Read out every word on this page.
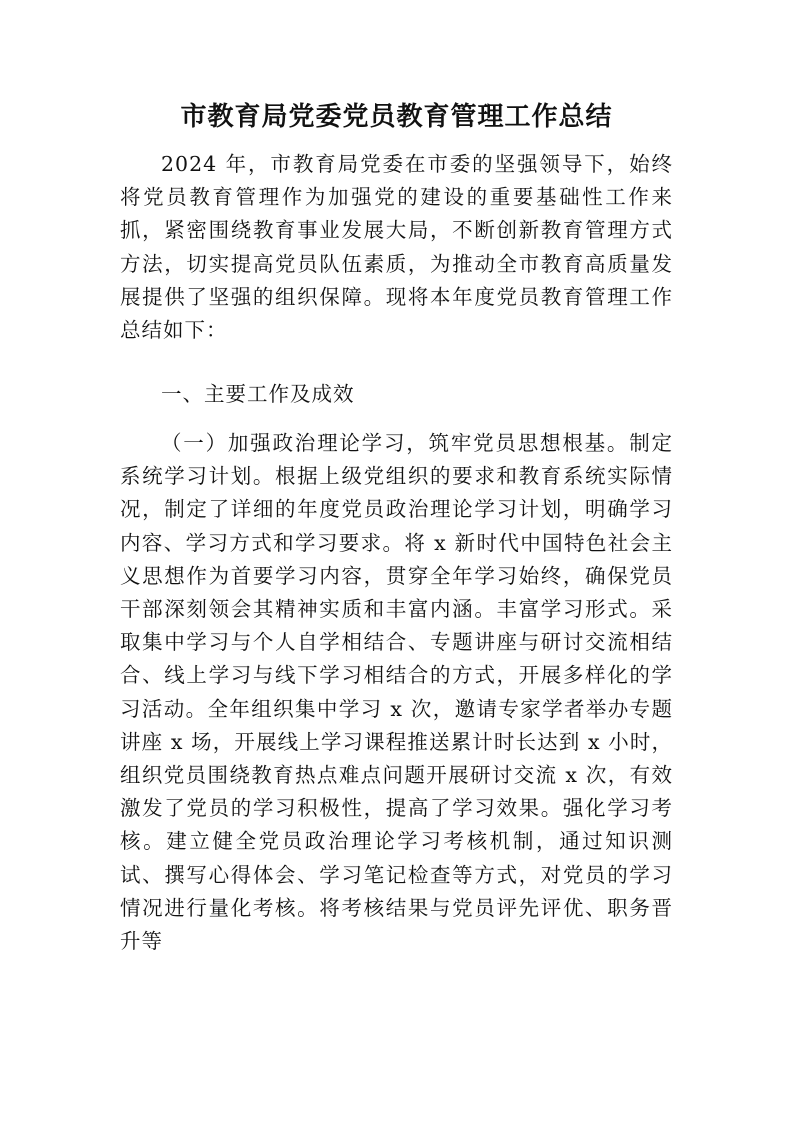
市教育局党委党员教育管理工作总结

2024 年，市教育局党委在市委的坚强领导下，始终将党员教育管理作为加强党的建设的重要基础性工作来抓，紧密围绕教育事业发展大局，不断创新教育管理方式方法，切实提高党员队伍素质，为推动全市教育高质量发展提供了坚强的组织保障。现将本年度党员教育管理工作总结如下：

一、主要工作及成效

（一）加强政治理论学习，筑牢党员思想根基。制定系统学习计划。根据上级党组织的要求和教育系统实际情况，制定了详细的年度党员政治理论学习计划，明确学习内容、学习方式和学习要求。将 x 新时代中国特色社会主义思想作为首要学习内容，贯穿全年学习始终，确保党员干部深刻领会其精神实质和丰富内涵。丰富学习形式。采取集中学习与个人自学相结合、专题讲座与研讨交流相结合、线上学习与线下学习相结合的方式，开展多样化的学习活动。全年组织集中学习 x 次，邀请专家学者举办专题讲座 x 场，开展线上学习课程推送累计时长达到 x 小时，组织党员围绕教育热点难点问题开展研讨交流 x 次，有效激发了党员的学习积极性，提高了学习效果。强化学习考核。建立健全党员政治理论学习考核机制，通过知识测试、撰写心得体会、学习笔记检查等方式，对党员的学习情况进行量化考核。将考核结果与党员评先评优、职务晋升等
